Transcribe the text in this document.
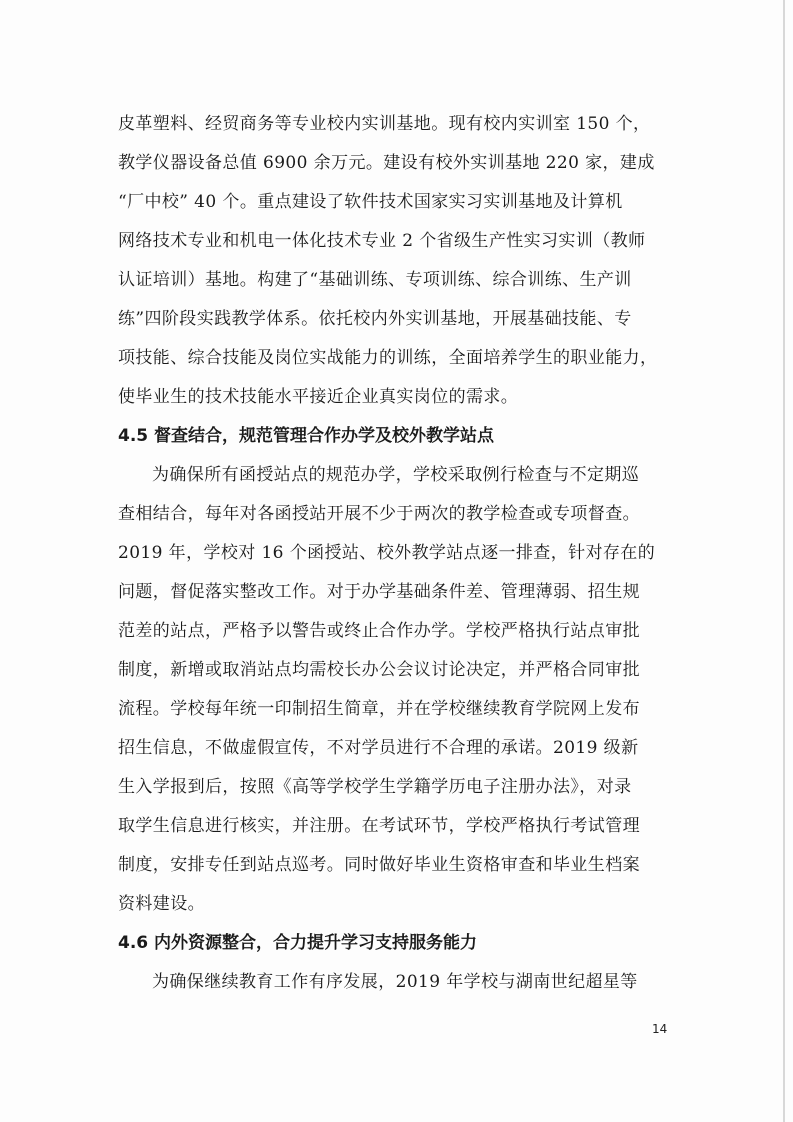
皮革塑料、经贸商务等专业校内实训基地。现有校内实训室 150 个，
教学仪器设备总值 6900 余万元。建设有校外实训基地 220 家，建成
“厂中校” 40 个。重点建设了软件技术国家实习实训基地及计算机
网络技术专业和机电一体化技术专业 2 个省级生产性实习实训（教师
认证培训）基地。构建了“基础训练、专项训练、综合训练、生产训
练”四阶段实践教学体系。依托校内外实训基地，开展基础技能、专
项技能、综合技能及岗位实战能力的训练，全面培养学生的职业能力，
使毕业生的技术技能水平接近企业真实岗位的需求。
4.5 督查结合，规范管理合作办学及校外教学站点
为确保所有函授站点的规范办学，学校采取例行检查与不定期巡
查相结合，每年对各函授站开展不少于两次的教学检查或专项督查。
2019 年，学校对 16 个函授站、校外教学站点逐一排查，针对存在的
问题，督促落实整改工作。对于办学基础条件差、管理薄弱、招生规
范差的站点，严格予以警告或终止合作办学。学校严格执行站点审批
制度，新增或取消站点均需校长办公会议讨论决定，并严格合同审批
流程。学校每年统一印制招生简章，并在学校继续教育学院网上发布
招生信息，不做虚假宣传，不对学员进行不合理的承诺。2019 级新
生入学报到后，按照《高等学校学生学籍学历电子注册办法》，对录
取学生信息进行核实，并注册。在考试环节，学校严格执行考试管理
制度，安排专任到站点巡考。同时做好毕业生资格审查和毕业生档案
资料建设。
4.6 内外资源整合，合力提升学习支持服务能力
为确保继续教育工作有序发展，2019 年学校与湖南世纪超星等
14
